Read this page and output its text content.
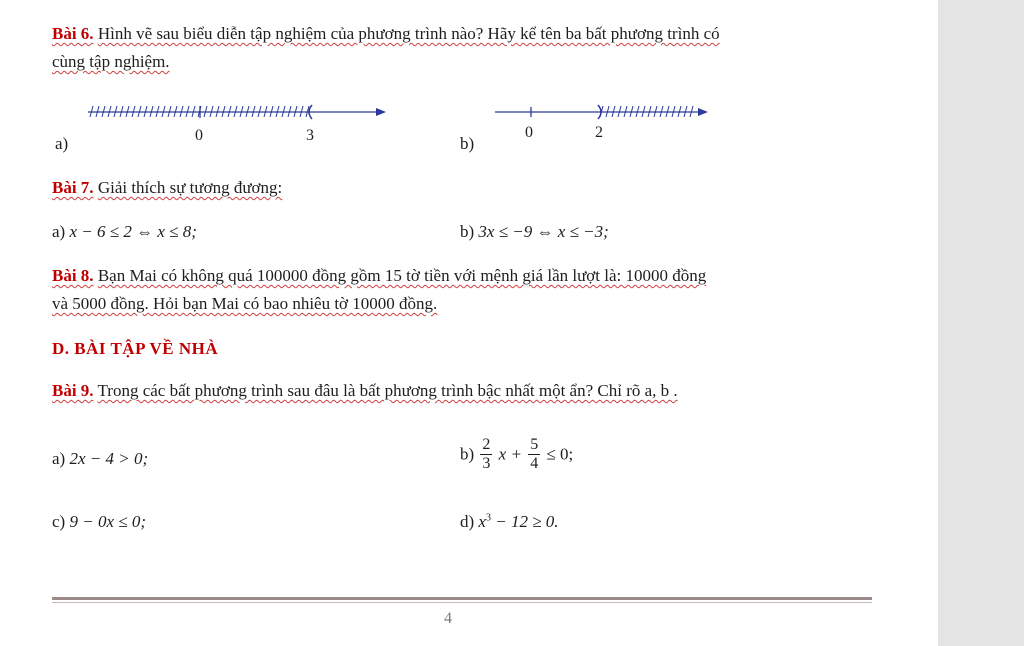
Bài 6. Hình vẽ sau biểu diễn tập nghiệm của phương trình nào? Hãy kể tên ba bất phương trình có
cùng tập nghiệm.
a)	0	3	b)
0	2
Bài 7. Giải thích sự tương đương:
a) x − 6 ≤ 2 ⇔ x ≤ 8;	b) 3x ≤ −9 ⇔ x ≤ −3;
Bài 8. Bạn Mai có không quá 100000 đồng gồm 15 tờ tiền với mệnh giá lần lượt là: 10000 đồng
và 5000 đồng. Hỏi bạn Mai có bao nhiêu tờ 10000 đồng.
D. BÀI TẬP VỀ NHÀ
Bài 9. Trong các bất phương trình sau đâu là bất phương trình bậc nhất một ẩn? Chỉ rõ a, b .
a) 2x − 4 > 0;	$b) \frac{2}{3}$ $x + \frac{5}{4} \le 0$;
c) 9 − 0x ≤ 0;	d) $x^3 - 12 \ge 0$.
4
